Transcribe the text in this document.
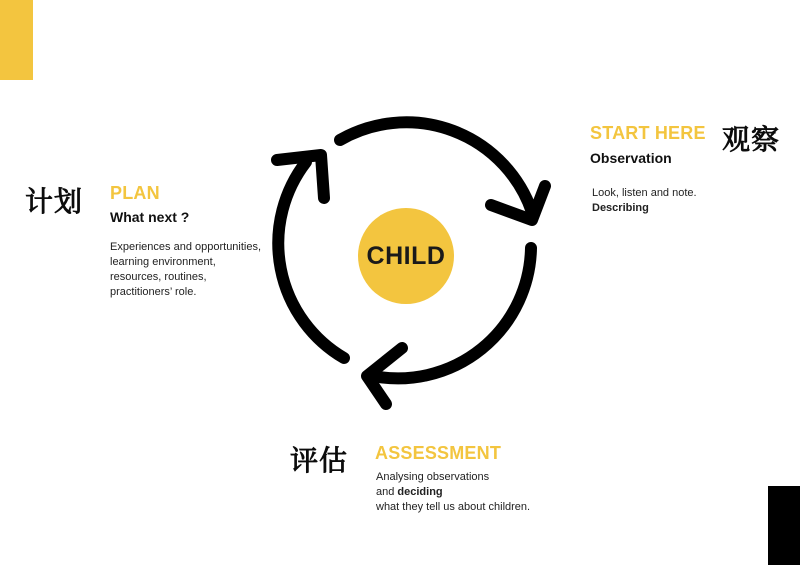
CHILD
START HERE 观察
Observation
Look, listen and note.
Describing
计划 PLAN
What next ?
Experiences and opportunities,
learning environment,
resources, routines,
practitioners’ role.
评估 ASSESSMENT
Analysing observations
and deciding
what they tell us about children.
